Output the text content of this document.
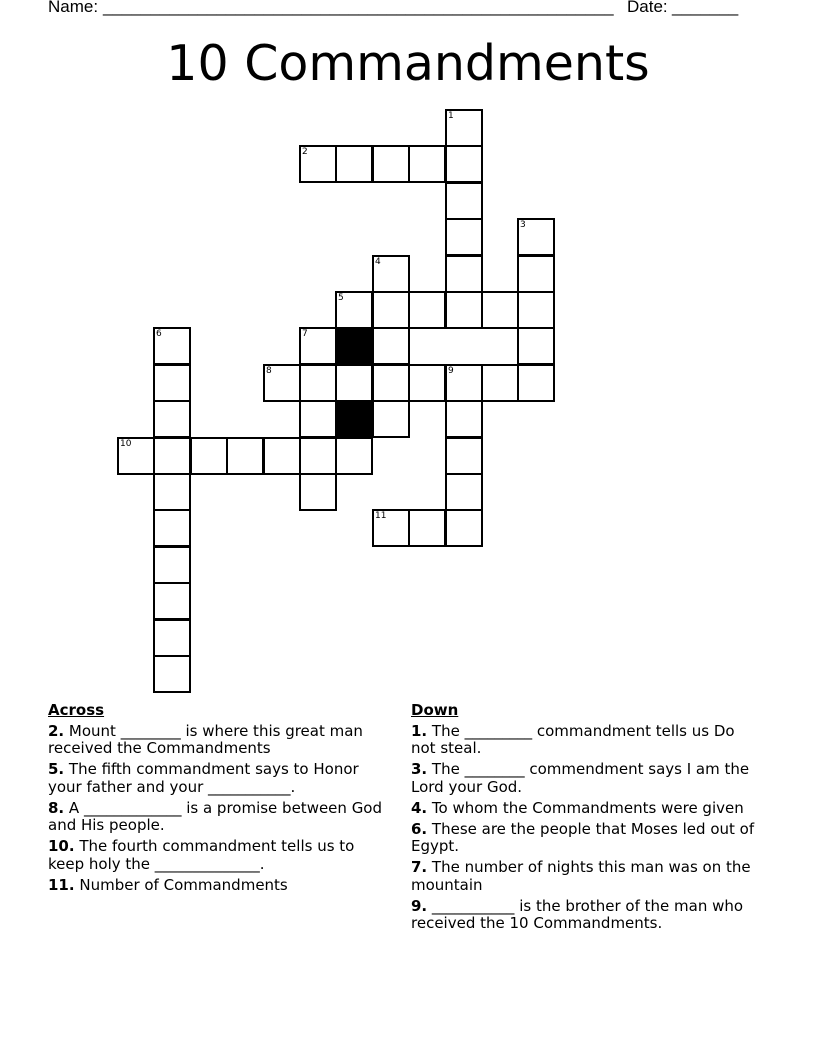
Name: ______________________________________________________ Date: _______
10 Commandments
1
2
3
4
5
6	7
8	9
10
11
Across
2. Mount ________ is where this great man received the Commandments
5. The fifth commandment says to Honor your father and your ___________.
8. A _____________ is a promise between God and His people.
10. The fourth commandment tells us to keep holy the ______________.
11. Number of Commandments
Down
1. The _________ commandment tells us Do not steal.
3. The ________ commendment says I am the Lord your God.
4. To whom the Commandments were given
6. These are the people that Moses led out of Egypt.
7. The number of nights this man was on the mountain
9. ___________ is the brother of the man who received the 10 Commandments.
